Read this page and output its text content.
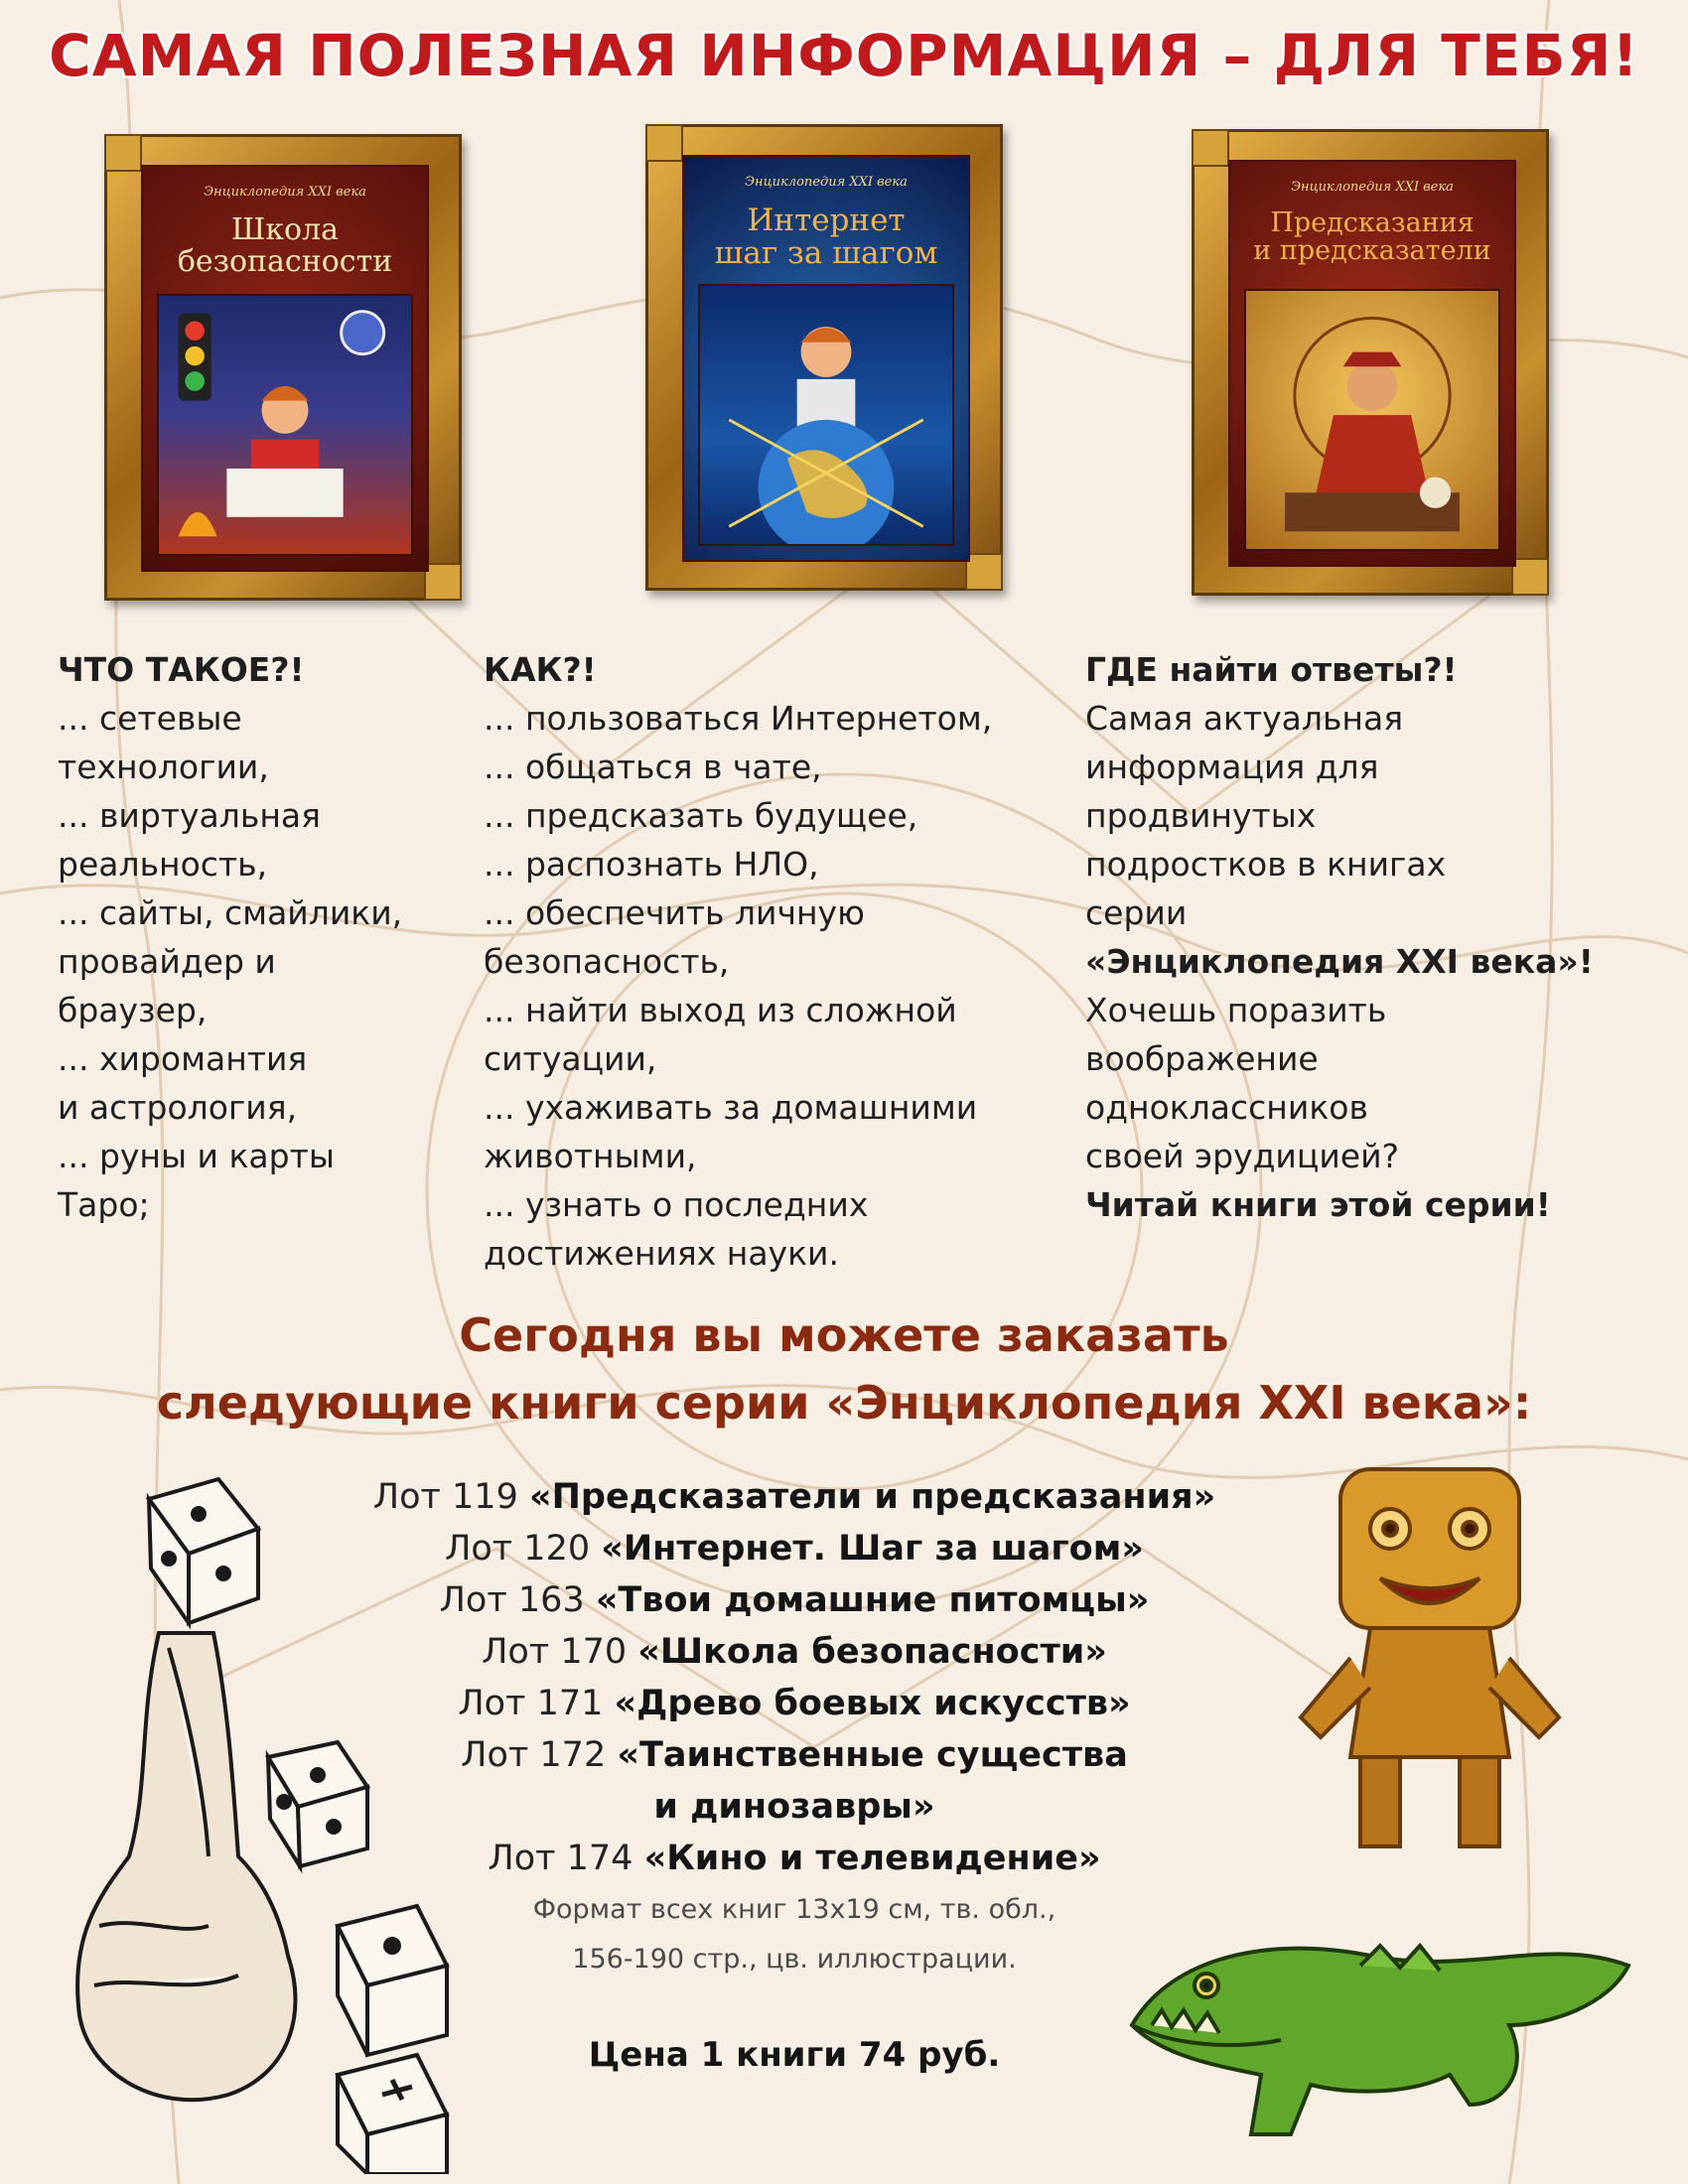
САМАЯ ПОЛЕЗНАЯ ИНФОРМАЦИЯ – ДЛЯ ТЕБЯ!
Энциклопедия XXI века
Школа
безопасности
Энциклопедия XXI века
Интернет
шаг за шагом
Энциклопедия XXI века
Предсказания
и предсказатели
ЧТО ТАКОЕ?!
... сетевые
технологии,
... виртуальная
реальность,
... сайты, смайлики,
провайдер и
браузер,
... хиромантия
и астрология,
... руны и карты
Таро;
КАК?!
... пользоваться Интернетом,
... общаться в чате,
... предсказать будущее,
... распознать НЛО,
... обеспечить личную
безопасность,
... найти выход из сложной
ситуации,
... ухаживать за домашними
животными,
... узнать о последних
достижениях науки.
ГДЕ найти ответы?!
Самая актуальная
информация для
продвинутых
подростков в книгах
серии
«Энциклопедия XXI века»!
Хочешь поразить
воображение
одноклассников
своей эрудицией?
Читай книги этой серии!
Сегодня вы можете заказать
следующие книги серии «Энциклопедия XXI века»:
Лот 119 «Предсказатели и предсказания»
Лот 120 «Интернет. Шаг за шагом»
Лот 163 «Твои домашние питомцы»
Лот 170 «Школа безопасности»
Лот 171 «Древо боевых искусств»
Лот 172 «Таинственные существа
и динозавры»
Лот 174 «Кино и телевидение»
Формат всех книг 13x19 см, тв. обл.,
156-190 стр., цв. иллюстрации.
Цена 1 книги 74 руб.
